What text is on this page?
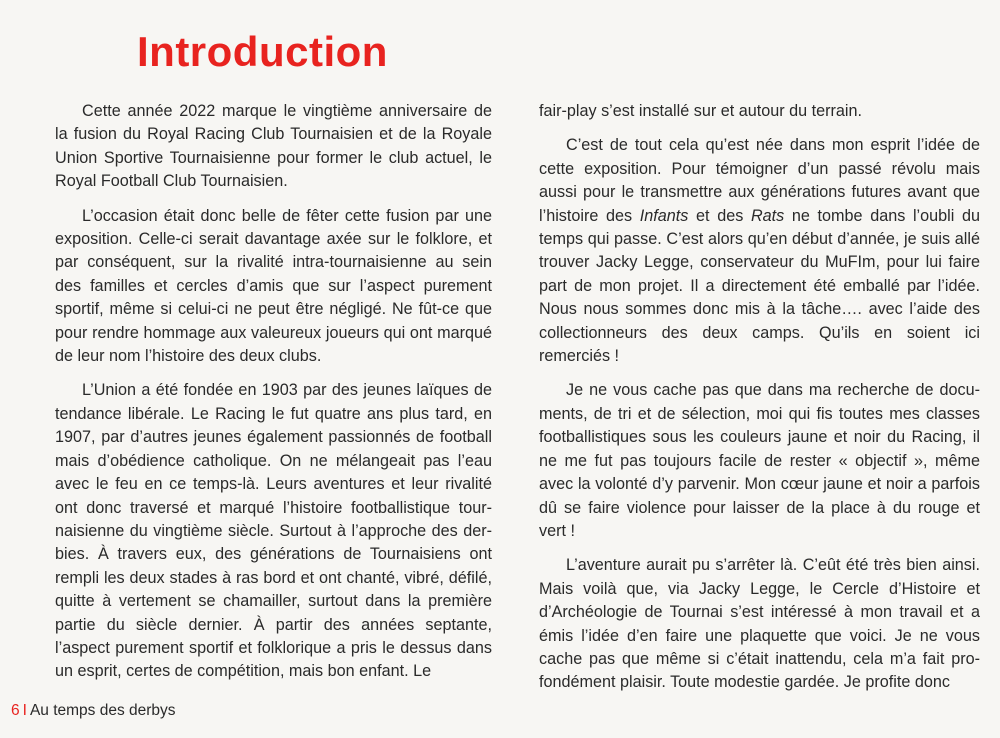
Introduction

Cette année 2022 marque le vingtième anniversaire de la fusion du Royal Racing Club Tournaisien et de la Royale Union Sportive Tournaisienne pour former le club actuel, le Royal Football Club Tournaisien.

L’occasion était donc belle de fêter cette fusion par une exposition. Celle-ci serait davantage axée sur le folklore, et par conséquent, sur la rivalité intra-tournaisienne au sein des familles et cercles d’amis que sur l’aspect purement sportif, même si celui-ci ne peut être négligé. Ne fût-ce que pour rendre hommage aux valeureux joueurs qui ont marqué de leur nom l’histoire des deux clubs.

L’Union a été fondée en 1903 par des jeunes laïques de tendance libérale. Le Racing le fut quatre ans plus tard, en 1907, par d’autres jeunes également passionnés de football mais d’obédience catholique. On ne mélangeait pas l’eau avec le feu en ce temps-là. Leurs aventures et leur rivalité ont donc traversé et marqué l’histoire footballistique tournaisienne du vingtième siècle. Surtout à l’approche des derbies. À travers eux, des générations de Tournaisiens ont rempli les deux stades à ras bord et ont chanté, vibré, défilé, quitte à vertement se chamailler, surtout dans la première partie du siècle dernier. À partir des années septante, l’aspect purement sportif et folklorique a pris le dessus dans un esprit, certes de compétition, mais bon enfant. Le

fair-play s’est installé sur et autour du terrain.

C’est de tout cela qu’est née dans mon esprit l’idée de cette exposition. Pour témoigner d’un passé révolu mais aussi pour le transmettre aux générations futures avant que l’histoire des Infants et des Rats ne tombe dans l’oubli du temps qui passe. C’est alors qu’en début d’année, je suis allé trouver Jacky Legge, conservateur du MuFIm, pour lui faire part de mon projet. Il a directement été emballé par l’idée. Nous nous sommes donc mis à la tâche…. avec l’aide des collectionneurs des deux camps. Qu’ils en soient ici remerciés !

Je ne vous cache pas que dans ma recherche de documents, de tri et de sélection, moi qui fis toutes mes classes footballistiques sous les couleurs jaune et noir du Racing, il ne me fut pas toujours facile de rester « objectif », même avec la volonté d’y parvenir. Mon cœur jaune et noir a parfois dû se faire violence pour laisser de la place à du rouge et vert !

L’aventure aurait pu s’arrêter là. C’eût été très bien ainsi. Mais voilà que, via Jacky Legge, le Cercle d’Histoire et d’Archéologie de Tournai s’est intéressé à mon travail et a émis l’idée d’en faire une plaquette que voici. Je ne vous cache pas que même si c’était inattendu, cela m’a fait profondément plaisir. Toute modestie gardée. Je profite donc

6 I Au temps des derbys
